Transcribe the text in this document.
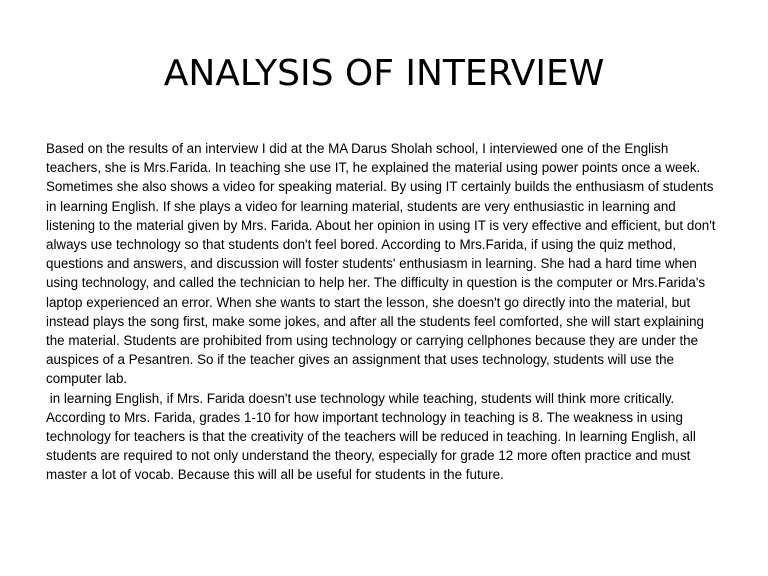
ANALYSIS OF INTERVIEW

Based on the results of an interview I did at the MA Darus Sholah school, I interviewed one of the English teachers, she is Mrs.Farida. In teaching she use IT, he explained the material using power points once a week. Sometimes she also shows a video for speaking material. By using IT certainly builds the enthusiasm of students in learning English. If she plays a video for learning material, students are very enthusiastic in learning and listening to the material given by Mrs. Farida. About her opinion in using IT is very effective and efficient, but don't always use technology so that students don't feel bored. According to Mrs.Farida, if using the quiz method, questions and answers, and discussion will foster students' enthusiasm in learning. She had a hard time when using technology, and called the technician to help her. The difficulty in question is the computer or Mrs.Farida's laptop experienced an error. When she wants to start the lesson, she doesn't go directly into the material, but instead plays the song first, make some jokes, and after all the students feel comforted, she will start explaining the material. Students are prohibited from using technology or carrying cellphones because they are under the auspices of a Pesantren. So if the teacher gives an assignment that uses technology, students will use the computer lab.

in learning English, if Mrs. Farida doesn't use technology while teaching, students will think more critically. According to Mrs. Farida, grades 1-10 for how important technology in teaching is 8. The weakness in using technology for teachers is that the creativity of the teachers will be reduced in teaching. In learning English, all students are required to not only understand the theory, especially for grade 12 more often practice and must master a lot of vocab. Because this will all be useful for students in the future.
